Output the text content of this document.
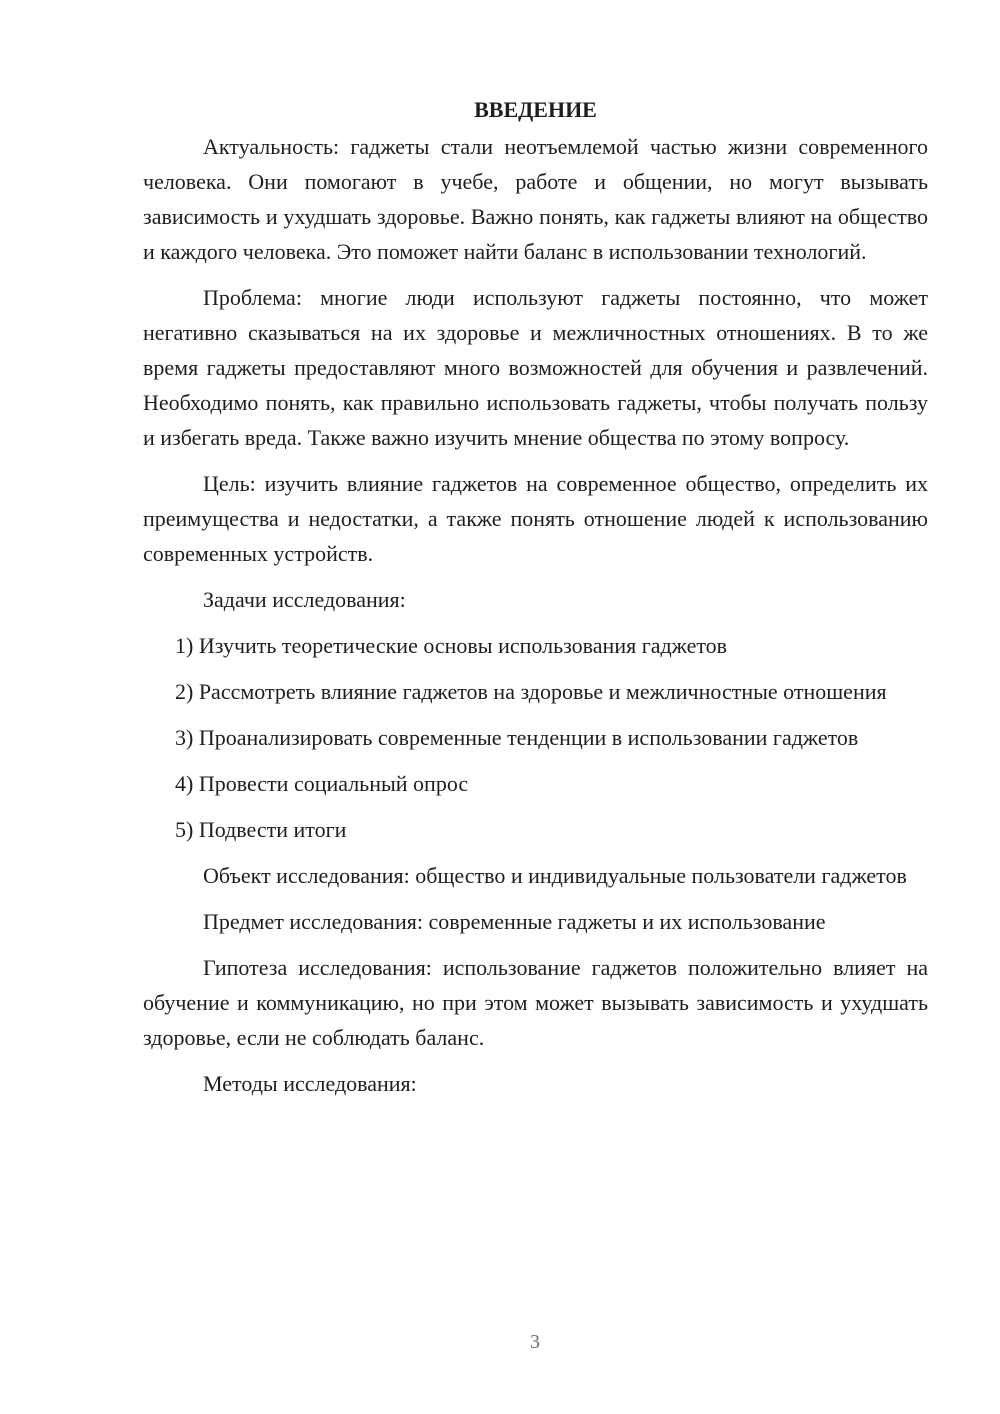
ВВЕДЕНИЕ

Актуальность: гаджеты стали неотъемлемой частью жизни современного человека. Они помогают в учебе, работе и общении, но могут вызывать зависимость и ухудшать здоровье. Важно понять, как гаджеты влияют на общество и каждого человека. Это поможет найти баланс в использовании технологий.

Проблема: многие люди используют гаджеты постоянно, что может негативно сказываться на их здоровье и межличностных отношениях. В то же время гаджеты предоставляют много возможностей для обучения и развлечений. Необходимо понять, как правильно использовать гаджеты, чтобы получать пользу и избегать вреда. Также важно изучить мнение общества по этому вопросу.

Цель: изучить влияние гаджетов на современное общество, определить их преимущества и недостатки, а также понять отношение людей к использованию современных устройств.

Задачи исследования:

1) Изучить теоретические основы использования гаджетов

2) Рассмотреть влияние гаджетов на здоровье и межличностные отношения

3) Проанализировать современные тенденции в использовании гаджетов

4) Провести социальный опрос

5) Подвести итоги

Объект исследования: общество и индивидуальные пользователи гаджетов

Предмет исследования: современные гаджеты и их использование

Гипотеза исследования: использование гаджетов положительно влияет на обучение и коммуникацию, но при этом может вызывать зависимость и ухудшать здоровье, если не соблюдать баланс.

Методы исследования:

3
